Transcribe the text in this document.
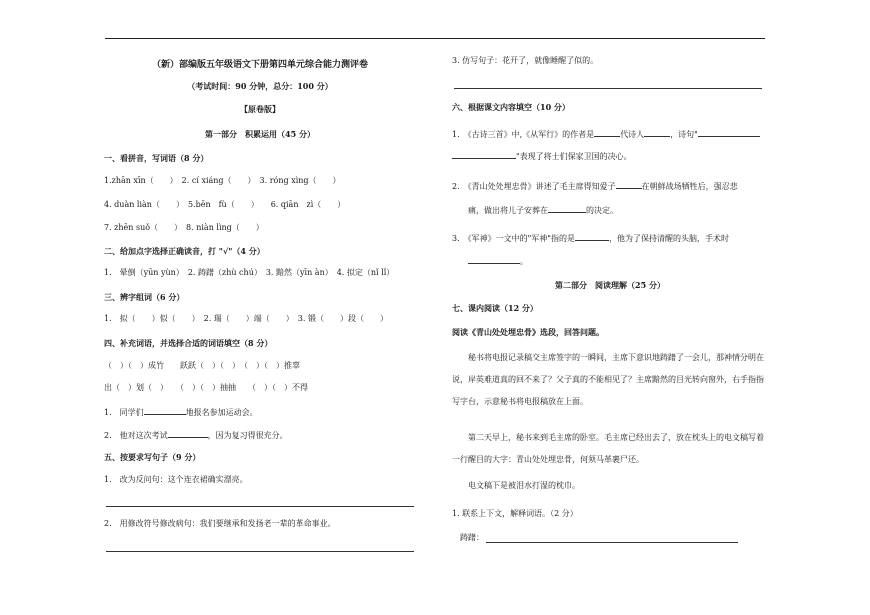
（新）部编版五年级语文下册第四单元综合能力测评卷
（考试时间：90 分钟，总分：100 分）
【原卷版】
第一部分　积累运用（45 分）
一、看拼音，写词语（8 分）
1.zhān xīn（　　）　2. cí xiáng（　　）　3. róng xìng（　　）
4. duàn liàn（　　）　5.bēn　fù（　　）　　6. qiān　zì（　　）
7. zhēn suǒ（　　）　8. niàn lìng（　　）
二、给加点字选择正确读音，打 "√"（4 分）
1.　晕倒（yūn yùn）　2. 踌躇（zhù chú）　3. 黯然（yīn àn）　4. 拟定（nǐ lǐ）
三、辨字组词（6 分）
1.　拟（　　）似（　　）　2. 瑞（　　）端（　　）　3. 锻（　　）段（　　）
四、补充词语，并选择合适的词语填空（8 分）
（　）（　）成竹　　跃跃（　）（　）　（　）（　）推辜
出（　）划（　）　　（　）（　）抽抽　　（　）（　）不得
1.　同学们	地报名参加运动会。
2.　他对这次考试	，因为复习得很充分。
五、按要求写句子（9 分）
1.　改为反问句：这个连衣裙确实漂亮。
2.　用修改符号修改病句：我们要继承和发扬老一辈的革命事业。
3. 仿写句子：花开了，就像睡醒了似的。
六、根据课文内容填空（10 分）
1.　《古诗三首》中,《从军行》的作者是	代诗人	，诗句"
"表现了将士们保家卫国的决心。
2.　《青山处处埋忠骨》讲述了毛主席得知爱子	在朝鲜战场牺牲后，强忍悲
痛，做出将儿子安葬在	的决定。
3.　《军神》一文中的"军神"指的是	，他为了保持清醒的头脑，手术时
。
第二部分　阅读理解（25 分）
七、课内阅读（12 分）
阅读《青山处处埋忠骨》选段，回答问题。
秘书将电报记录稿交主席签字的一瞬间，主席下意识地踌躇了一会儿，那神情分明在说，岸英难道真的回不来了？父子真的不能相见了？主席黯然的目光转向窗外，右手指指写字台，示意秘书将电报稿放在上面。
第二天早上，秘书来到毛主席的卧室。毛主席已经出去了，放在枕头上的电文稿写着一行醒目的大字：青山处处埋忠骨，何须马革裹尸还。
电文稿下是被泪水打湿的枕巾。
1. 联系上下文，解释词语。（2 分）
踌躇：
